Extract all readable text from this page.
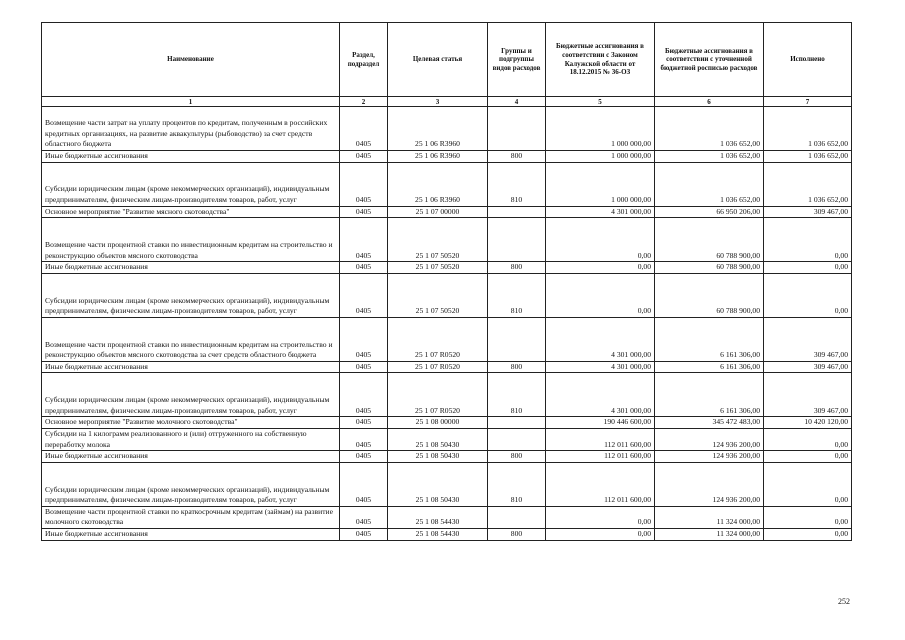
Наименование	Раздел, подраздел	Целевая статья	Группы и подгруппы видов расходов	Бюджетные ассигнования в соответствии с Законом Калужской области от 18.12.2015 № 36-ОЗ	Бюджетные ассигнования в соответствии с уточненной бюджетной росписью расходов	Исполнено
1	2	3	4	5	6	7
Возмещение части затрат на уплату процентов по кредитам, полученным в российских кредитных организациях, на развитие аквакультуры (рыбоводство) за счет средств областного бюджета	0405	25 1 06 R3960		1 000 000,00	1 036 652,00	1 036 652,00
Иные бюджетные ассигнования	0405	25 1 06 R3960	800	1 000 000,00	1 036 652,00	1 036 652,00
Субсидии юридическим лицам (кроме некоммерческих организаций), индивидуальным предпринимателям, физическим лицам-производителям товаров, работ, услуг	0405	25 1 06 R3960	810	1 000 000,00	1 036 652,00	1 036 652,00
Основное мероприятие "Развитие мясного скотоводства"	0405	25 1 07 00000		4 301 000,00	66 950 206,00	309 467,00
Возмещение части процентной ставки по инвестиционным кредитам на строительство и реконструкцию объектов мясного скотоводства	0405	25 1 07 50520		0,00	60 788 900,00	0,00
Иные бюджетные ассигнования	0405	25 1 07 50520	800	0,00	60 788 900,00	0,00
Субсидии юридическим лицам (кроме некоммерческих организаций), индивидуальным предпринимателям, физическим лицам-производителям товаров, работ, услуг	0405	25 1 07 50520	810	0,00	60 788 900,00	0,00
Возмещение части процентной ставки по инвестиционным кредитам на строительство и реконструкцию объектов мясного скотоводства за счет средств областного бюджета	0405	25 1 07 R0520		4 301 000,00	6 161 306,00	309 467,00
Иные бюджетные ассигнования	0405	25 1 07 R0520	800	4 301 000,00	6 161 306,00	309 467,00
Субсидии юридическим лицам (кроме некоммерческих организаций), индивидуальным предпринимателям, физическим лицам-производителям товаров, работ, услуг	0405	25 1 07 R0520	810	4 301 000,00	6 161 306,00	309 467,00
Основное мероприятие "Развитие молочного скотоводства"	0405	25 1 08 00000		190 446 600,00	345 472 483,00	10 420 120,00
Субсидии на 1 килограмм реализованного и (или) отгруженного на собственную переработку молока	0405	25 1 08 50430		112 011 600,00	124 936 200,00	0,00
Иные бюджетные ассигнования	0405	25 1 08 50430	800	112 011 600,00	124 936 200,00	0,00
Субсидии юридическим лицам (кроме некоммерческих организаций), индивидуальным предпринимателям, физическим лицам-производителям товаров, работ, услуг	0405	25 1 08 50430	810	112 011 600,00	124 936 200,00	0,00
Возмещение части процентной ставки по краткосрочным кредитам (займам) на развитие молочного скотоводства	0405	25 1 08 54430		0,00	11 324 000,00	0,00
Иные бюджетные ассигнования	0405	25 1 08 54430	800	0,00	11 324 000,00	0,00
252
